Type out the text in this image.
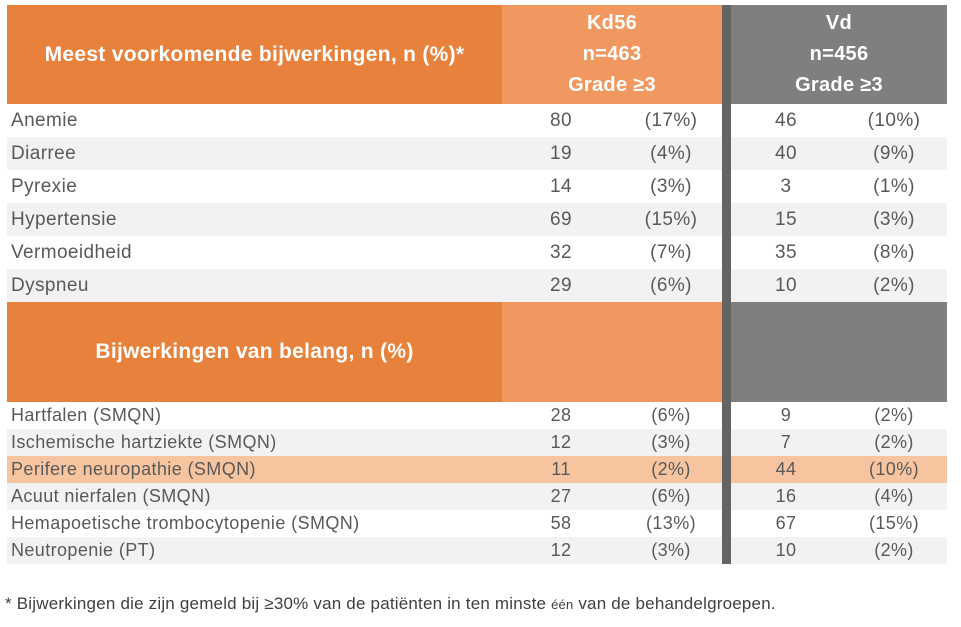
Meest voorkomende bijwerkingen, n (%)*
Kd56
n=463
Grade ≥3
Vd
n=456
Grade ≥3
Anemie	80	(17%)	46	(10%)
Diarree	19	(4%)	40	(9%)
Pyrexie	14	(3%)	3	(1%)
Hypertensie	69	(15%)	15	(3%)
Vermoeidheid	32	(7%)	35	(8%)
Dyspneu	29	(6%)	10	(2%)
Bijwerkingen van belang, n (%)
Hartfalen (SMQN)	28	(6%)	9	(2%)
Ischemische hartziekte (SMQN)	12	(3%)	7	(2%)
Perifere neuropathie (SMQN)	11	(2%)	44	(10%)
Acuut nierfalen (SMQN)	27	(6%)	16	(4%)
Hemapoetische trombocytopenie (SMQN)	58	(13%)	67	(15%)
Neutropenie (PT)	12	(3%)	10	(2%)
* Bijwerkingen die zijn gemeld bij ≥30% van de patiënten in ten minste één van de behandelgroepen.
